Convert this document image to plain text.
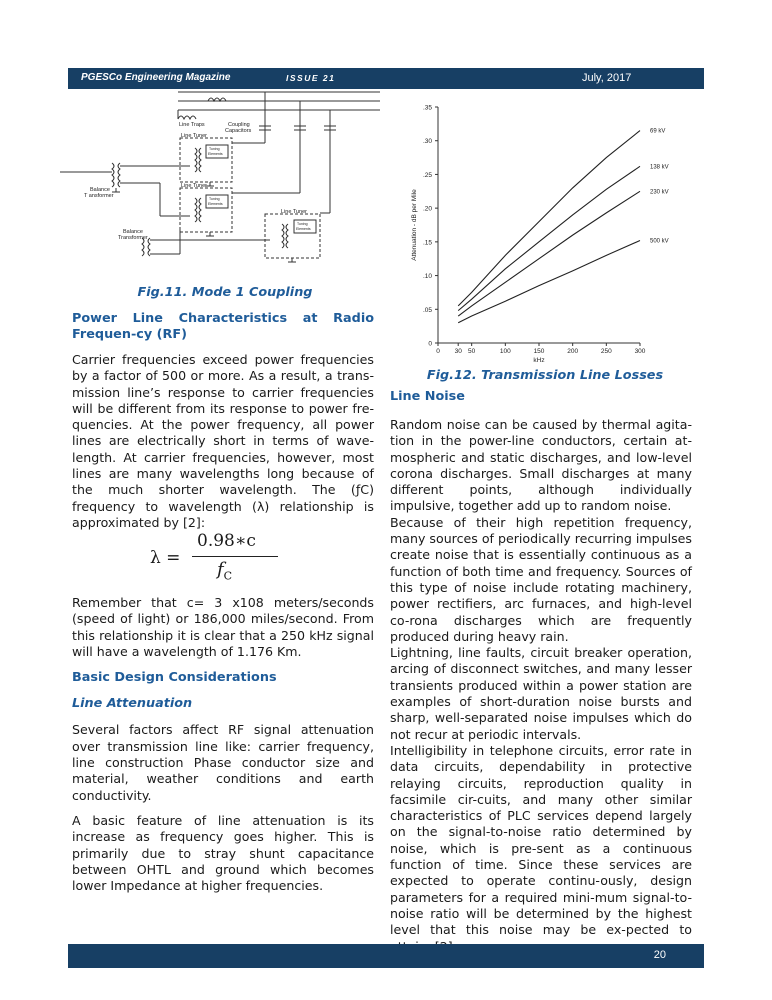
PGESCo Engineering Magazine	ISSUE 21	July, 2017
Line Traps	Coupling
Capacitors
Line Tuner
Line Tuner
Line Tuner
Balance
T ansformer
Balance
Transformer
Tuning
Elements
Tuning
Elements
Tuning
Elements
Fig.11. Mode 1 Coupling

Power Line Characteristics at Radio Frequen-cy (RF)

Carrier frequencies exceed power frequencies by a factor of 500 or more. As a result, a trans-mission line’s response to carrier frequencies will be different from its response to power fre-quencies. At the power frequency, all power lines are electrically short in terms of wave-length. At carrier frequencies, however, most lines are many wavelengths long because of the much shorter wavelength. The (ƒC) frequency to wavelength (λ) relationship is approximated by [2]:

λ =
0.98∗c
$f_C$

Remember that c= 3 x108 meters/seconds (speed of light) or 186,000 miles/second. From this relationship it is clear that a 250 kHz signal will have a wavelength of 1.176 Km.

Basic Design Considerations

Line Attenuation

Several factors affect RF signal attenuation over transmission line like: carrier frequency, line construction Phase conductor size and material, weather conditions and earth conductivity.

A basic feature of line attenuation is its increase as frequency goes higher. This is primarily due to stray shunt capacitance between OHTL and ground which becomes lower Impedance at higher frequencies.

0
.05
.10
.15
.20
.25
.30
.35
0 30 50	100	150	200	250	300
kHz
Attenuation - dB per Mile
69 kV
138 kV
230 kV
500 kV
Fig.12. Transmission Line Losses

Line Noise

Random noise can be caused by thermal agita-tion in the power-line conductors, certain at-mospheric and static discharges, and low-level corona discharges. Small discharges at many different points, although individually impulsive, together add up to random noise.

Because of their high repetition frequency, many sources of periodically recurring impulses create noise that is essentially continuous as a function of both time and frequency. Sources of this type of noise include rotating machinery, power rectifiers, arc furnaces, and high-level co-rona discharges which are frequently produced during heavy rain.

Lightning, line faults, circuit breaker operation, arcing of disconnect switches, and many lesser transients produced within a power station are examples of short-duration noise bursts and sharp, well-separated noise impulses which do not recur at periodic intervals.

Intelligibility in telephone circuits, error rate in data circuits, dependability in protective relaying circuits, reproduction quality in facsimile cir-cuits, and many other similar characteristics of PLC services depend largely on the signal-to-noise ratio determined by noise, which is pre-sent as a continuous function of time. Since these services are expected to operate continu-ously, design parameters for a required mini-mum signal-to-noise ratio will be determined by the highest level that this noise may be ex-pected to

20
